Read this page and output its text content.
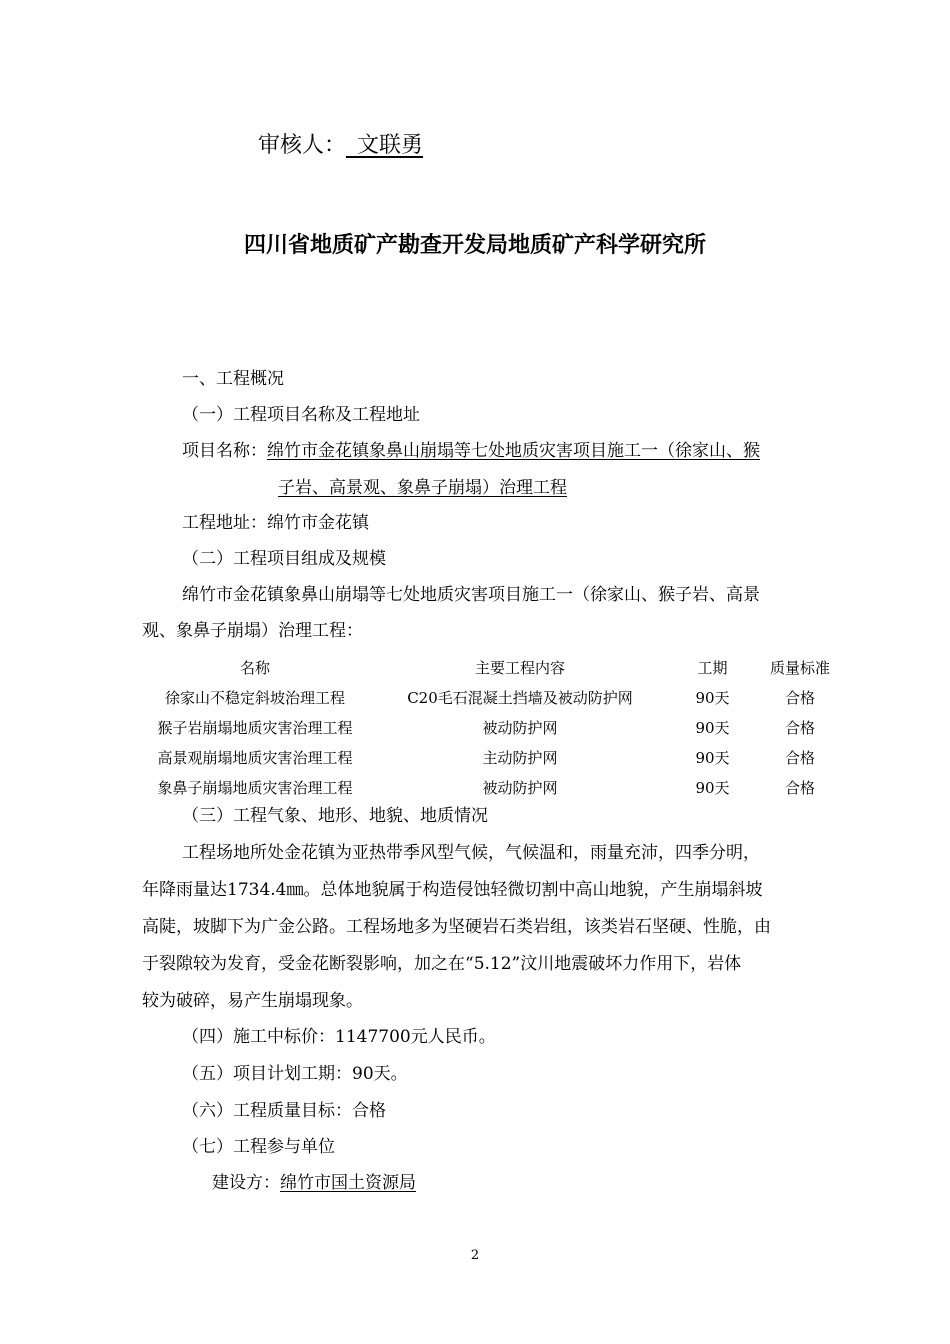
审核人：_文联勇
四川省地质矿产勘查开发局地质矿产科学研究所
一、工程概况
（一）工程项目名称及工程地址
项目名称：绵竹市金花镇象鼻山崩塌等七处地质灾害项目施工一（徐家山、猴
子岩、高景观、象鼻子崩塌）治理工程
工程地址：绵竹市金花镇
（二）工程项目组成及规模
绵竹市金花镇象鼻山崩塌等七处地质灾害项目施工一（徐家山、猴子岩、高景
观、象鼻子崩塌）治理工程：
名称	主要工程内容	工期	质量标准
徐家山不稳定斜坡治理工程	C20毛石混凝土挡墙及被动防护网	90天	合格
猴子岩崩塌地质灾害治理工程	被动防护网	90天	合格
高景观崩塌地质灾害治理工程	主动防护网	90天	合格
象鼻子崩塌地质灾害治理工程	被动防护网	90天	合格
（三）工程气象、地形、地貌、地质情况
工程场地所处金花镇为亚热带季风型气候，气候温和，雨量充沛，四季分明，
年降雨量达1734.4㎜。总体地貌属于构造侵蚀轻微切割中高山地貌，产生崩塌斜坡
高陡，坡脚下为广金公路。工程场地多为坚硬岩石类岩组，该类岩石坚硬、性脆，由
于裂隙较为发育，受金花断裂影响，加之在“5.12”汶川地震破坏力作用下，岩体
较为破碎，易产生崩塌现象。
（四）施工中标价：1147700元人民币。
（五）项目计划工期：90天。
（六）工程质量目标：合格
（七）工程参与单位
建设方：绵竹市国土资源局
2
